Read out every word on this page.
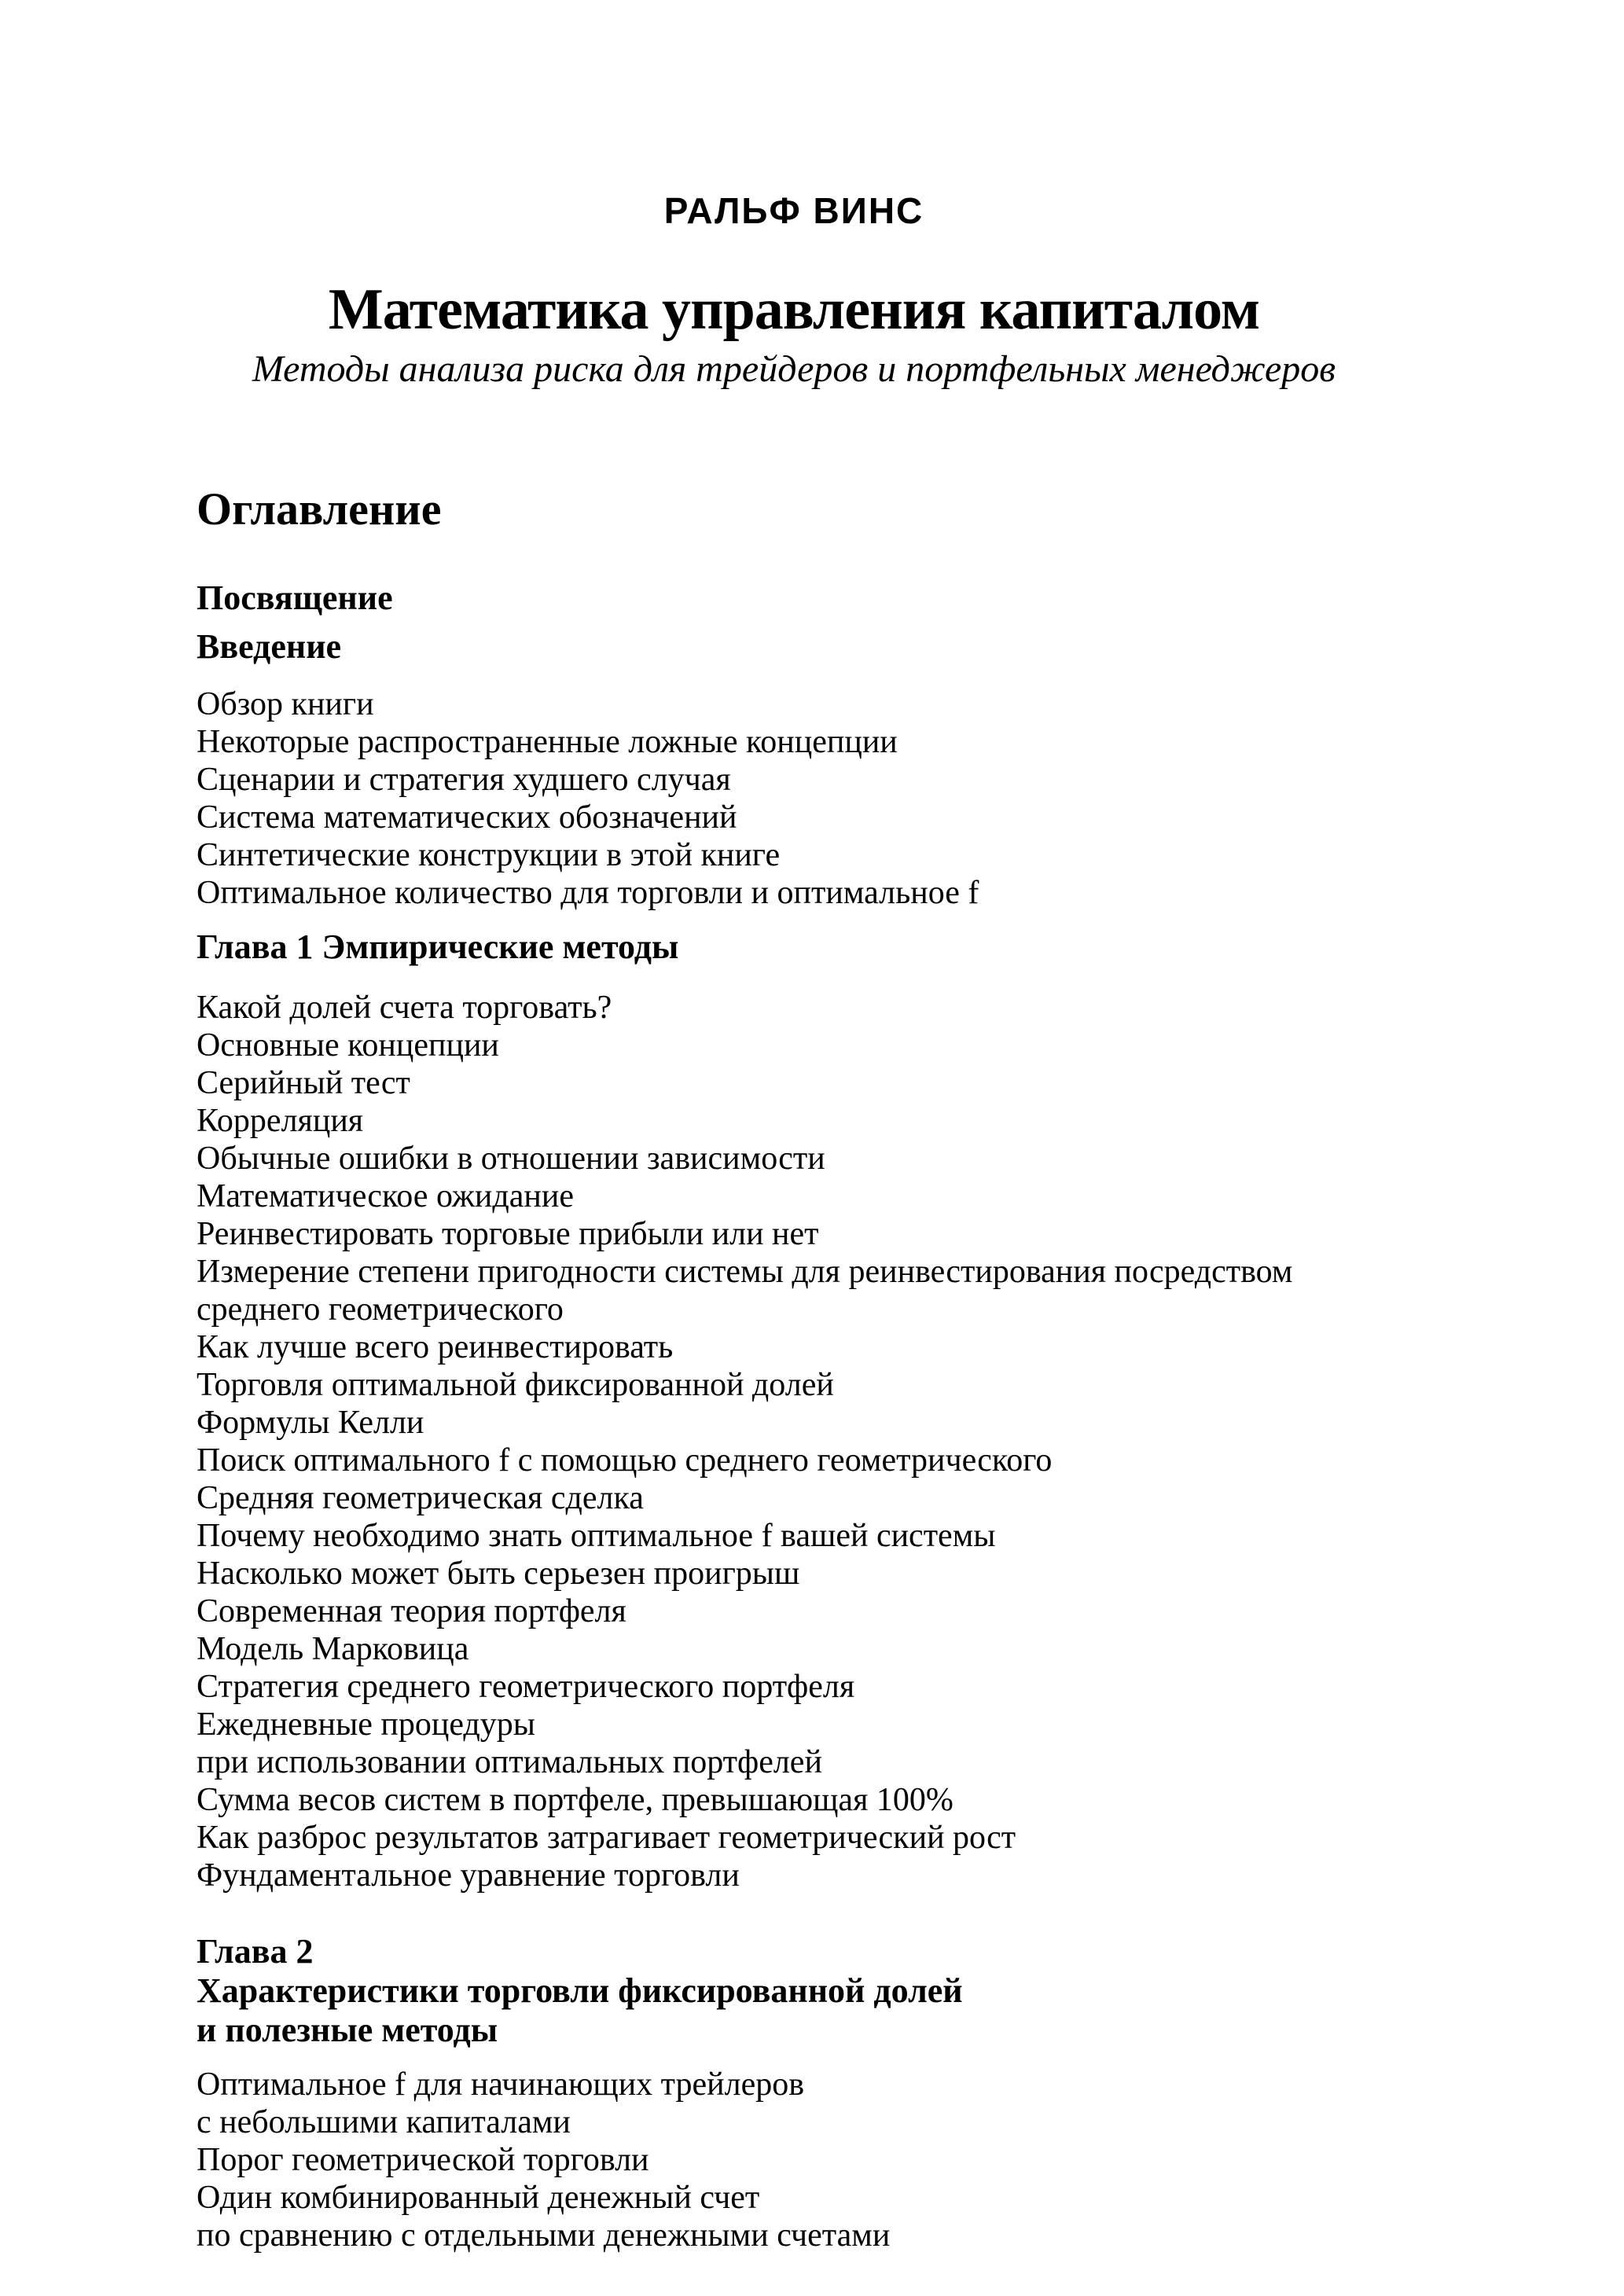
РАЛЬФ ВИНС
Математика управления капиталом
Методы анализа риска для трейдеров и портфельных менеджеров
Оглавление
Посвящение
Введение
Обзор книги
Некоторые распространенные ложные концепции
Сценарии и стратегия худшего случая
Система математических обозначений
Синтетические конструкции в этой книге
Оптимальное количество для торговли и оптимальное f
Глава 1 Эмпирические методы
Какой долей счета торговать?
Основные концепции
Серийный тест
Корреляция
Обычные ошибки в отношении зависимости
Математическое ожидание
Реинвестировать торговые прибыли или нет
Измерение степени пригодности системы для реинвестирования посредством
среднего геометрического
Как лучше всего реинвестировать
Торговля оптимальной фиксированной долей
Формулы Келли
Поиск оптимального f с помощью среднего геометрического
Средняя геометрическая сделка
Почему необходимо знать оптимальное f вашей системы
Насколько может быть серьезен проигрыш
Современная теория портфеля
Модель Марковица
Стратегия среднего геометрического портфеля
Ежедневные процедуры
при использовании оптимальных портфелей
Сумма весов систем в портфеле, превышающая 100%
Как разброс результатов затрагивает геометрический рост
Фундаментальное уравнение торговли
Глава 2
Характеристики торговли фиксированной долей
и полезные методы
Оптимальное f для начинающих трейлеров
с небольшими капиталами
Порог геометрической торговли
Один комбинированный денежный счет
по сравнению с отдельными денежными счетами
